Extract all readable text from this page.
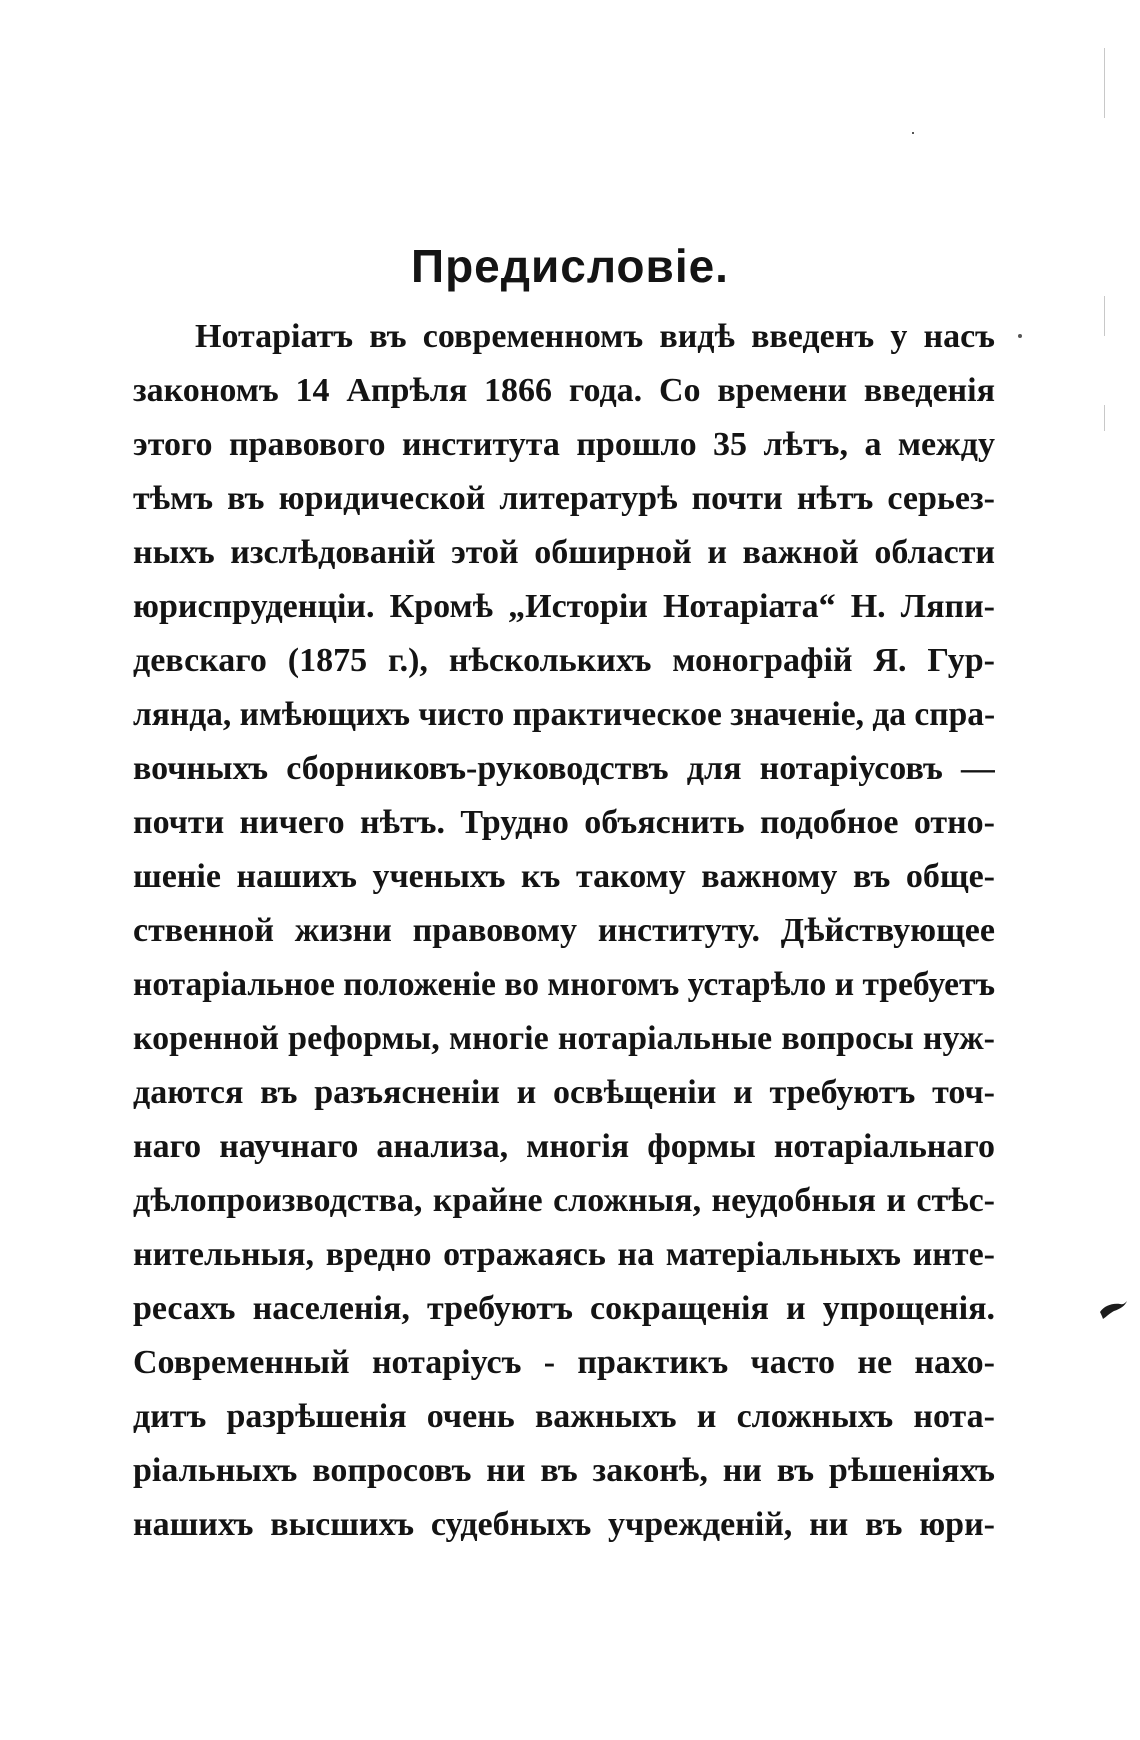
Предисловіе.
Нотаріатъ въ современномъ видѣ введенъ у насъ
закономъ 14 Апрѣля 1866 года. Со времени введенія
этого правового института прошло 35 лѣтъ, а между
тѣмъ въ юридической литературѣ почти нѣтъ серьез-
ныхъ изслѣдованій этой обширной и важной области
юриспруденціи. Кромѣ „Исторіи Нотаріата“ Н. Ляпи-
девскаго (1875 г.), нѣсколькихъ монографій Я. Гур-
лянда, имѣющихъ чисто практическое значеніе, да спра-
вочныхъ сборниковъ-руководствъ для нотаріусовъ —
почти ничего нѣтъ. Трудно объяснить подобное отно-
шеніе нашихъ ученыхъ къ такому важному въ обще-
ственной жизни правовому институту. Дѣйствующее
нотаріальное положеніе во многомъ устарѣло и требуетъ
коренной реформы, многіе нотаріальные вопросы нуж-
даются въ разъясненіи и освѣщеніи и требуютъ точ-
наго научнаго анализа, многія формы нотаріальнаго
дѣлопроизводства, крайне сложныя, неудобныя и стѣс-
нительныя, вредно отражаясь на матеріальныхъ инте-
ресахъ населенія, требуютъ сокращенія и упрощенія.
Современный нотаріусъ - практикъ часто не нахо-
дитъ разрѣшенія очень важныхъ и сложныхъ нота-
ріальныхъ вопросовъ ни въ законѣ, ни въ рѣшеніяхъ
нашихъ высшихъ судебныхъ учрежденій, ни въ юри-
